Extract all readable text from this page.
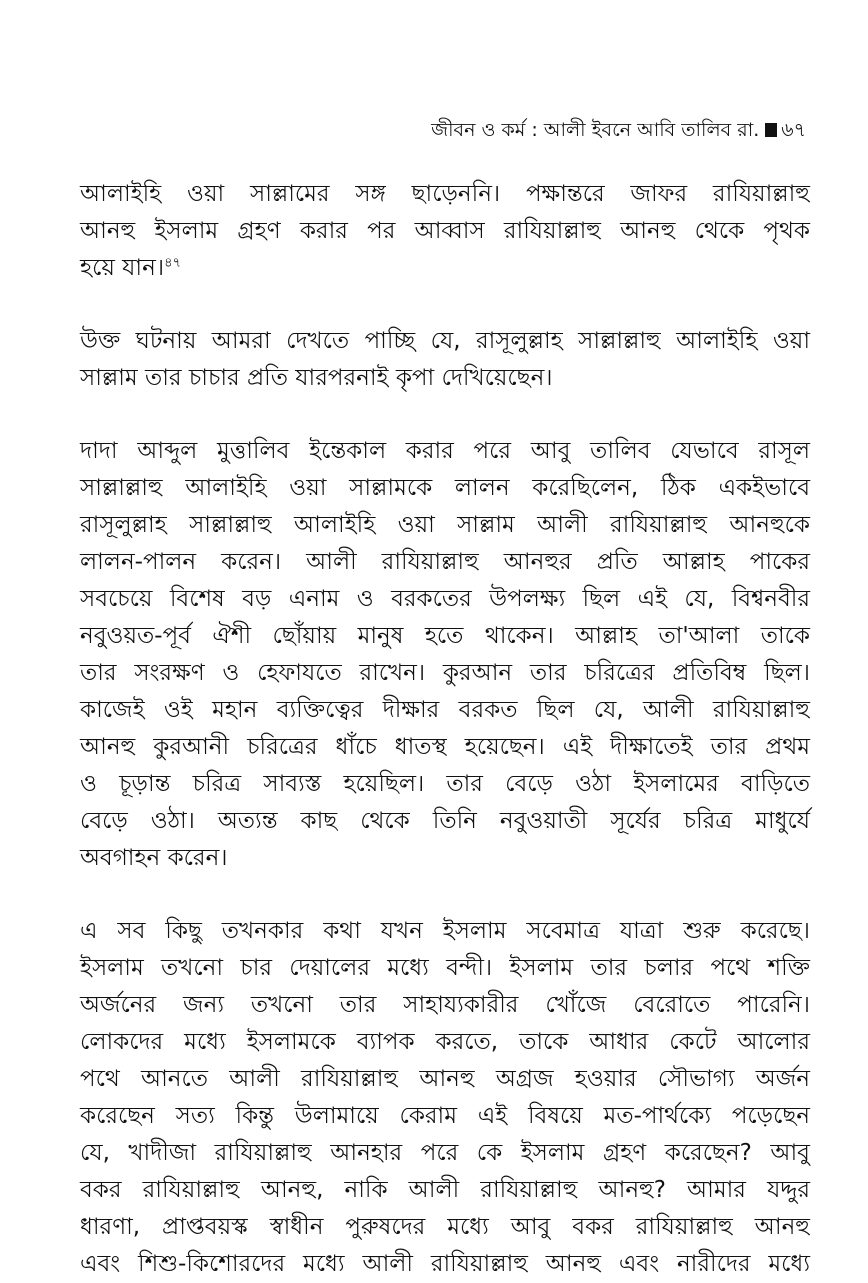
জীবন ও কর্ম : আলী ইবনে আবি তালিব রা. ৬৭
আলাইহি ওয়া সাল্লামের সঙ্গ ছাড়েননি। পক্ষান্তরে জাফর রাযিয়াল্লাহু
আনহু ইসলাম গ্রহণ করার পর আব্বাস রাযিয়াল্লাহু আনহু থেকে পৃথক
হয়ে যান।$^{৪৭}$
উক্ত ঘটনায় আমরা দেখতে পাচ্ছি যে, রাসূলুল্লাহ সাল্লাল্লাহু আলাইহি ওয়া
সাল্লাম তার চাচার প্রতি যারপরনাই কৃপা দেখিয়েছেন।
দাদা আব্দুল মুত্তালিব ইন্তেকাল করার পরে আবু তালিব যেভাবে রাসূল
সাল্লাল্লাহু আলাইহি ওয়া সাল্লামকে লালন করেছিলেন, ঠিক একইভাবে
রাসূলুল্লাহ সাল্লাল্লাহু আলাইহি ওয়া সাল্লাম আলী রাযিয়াল্লাহু আনহুকে
লালন-পালন করেন। আলী রাযিয়াল্লাহু আনহুর প্রতি আল্লাহ পাকের
সবচেয়ে বিশেষ বড় এনাম ও বরকতের উপলক্ষ্য ছিল এই যে, বিশ্বনবীর
নবুওয়ত-পূর্ব ঐশী ছোঁয়ায় মানুষ হতে থাকেন। আল্লাহ তা'আলা তাকে
তার সংরক্ষণ ও হেফাযতে রাখেন। কুরআন তার চরিত্রের প্রতিবিম্ব ছিল।
কাজেই ওই মহান ব্যক্তিত্বের দীক্ষার বরকত ছিল যে, আলী রাযিয়াল্লাহু
আনহু কুরআনী চরিত্রের ধাঁচে ধাতস্থ হয়েছেন। এই দীক্ষাতেই তার প্রথম
ও চূড়ান্ত চরিত্র সাব্যস্ত হয়েছিল। তার বেড়ে ওঠা ইসলামের বাড়িতে
বেড়ে ওঠা। অত্যন্ত কাছ থেকে তিনি নবুওয়াতী সূর্যের চরিত্র মাধুর্যে
অবগাহন করেন।
এ সব কিছু তখনকার কথা যখন ইসলাম সবেমাত্র যাত্রা শুরু করেছে।
ইসলাম তখনো চার দেয়ালের মধ্যে বন্দী। ইসলাম তার চলার পথে শক্তি
অর্জনের জন্য তখনো তার সাহায্যকারীর খোঁজে বেরোতে পারেনি।
লোকদের মধ্যে ইসলামকে ব্যাপক করতে, তাকে আধার কেটে আলোর
পথে আনতে আলী রাযিয়াল্লাহু আনহু অগ্রজ হওয়ার সৌভাগ্য অর্জন
করেছেন সত্য কিন্তু উলামায়ে কেরাম এই বিষয়ে মত-পার্থক্যে পড়েছেন
যে, খাদীজা রাযিয়াল্লাহু আনহার পরে কে ইসলাম গ্রহণ করেছেন? আবু
বকর রাযিয়াল্লাহু আনহু, নাকি আলী রাযিয়াল্লাহু আনহু? আমার যদ্দুর
ধারণা, প্রাপ্তবয়স্ক স্বাধীন পুরুষদের মধ্যে আবু বকর রাযিয়াল্লাহু আনহু
এবং শিশু-কিশোরদের মধ্যে আলী রাযিয়াল্লাহু আনহু এবং নারীদের মধ্যে
